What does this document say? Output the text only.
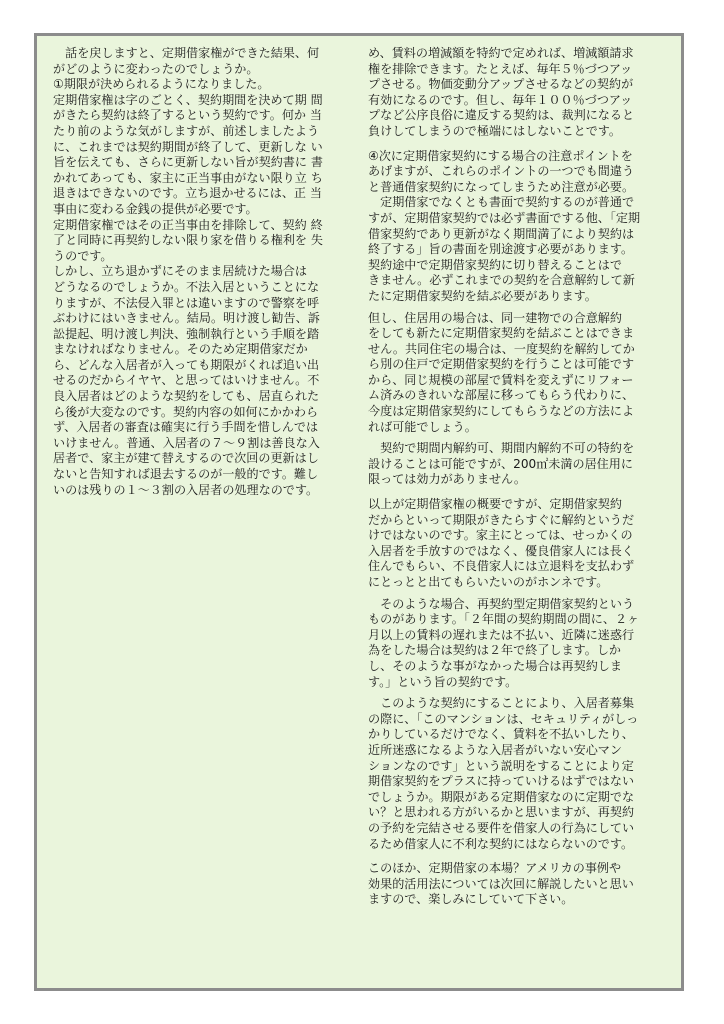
　話を戻しますと、定期借家権ができた結果、何
がどのように変わったのでしょうか。
①期限が決められるようになりました。
定期借家権は字のごとく、契約期間を決めて期 間
がきたら契約は終了するという契約です。何か 当
たり前のような気がしますが、前述しましたよう
に、これまでは契約期間が終了して、更新しな い
旨を伝えても、さらに更新しない旨が契約書に 書
かれてあっても、家主に正当事由がない限り立 ち
退きはできないのです。立ち退かせるには、正 当
事由に変わる金銭の提供が必要です。
定期借家権ではその正当事由を排除して、契約 終
了と同時に再契約しない限り家を借りる権利を 失
うのです。
しかし、立ち退かずにそのまま居続けた場合は
どうなるのでしょうか。不法入居ということにな
りますが、不法侵入罪とは違いますので警察を呼
ぶわけにはいきません。結局。明け渡し勧告、訴
訟提起、明け渡し判決、強制執行という手順を踏
まなければなりません。そのため定期借家だか
ら、どんな入居者が入っても期限がくれば追い出
せるのだからイヤヤ、と思ってはいけません。不
良入居者はどのような契約をしても、居直られた
ら後が大変なのです。契約内容の如何にかかわら
ず、入居者の審査は確実に行う手間を惜しんでは
いけません。普通、入居者の７～９割は善良な入
居者で、家主が建て替えするので次回の更新はし
ないと告知すれば退去するのが一般的です。難し
いのは残りの１～３割の入居者の処理なのです。
め、賃料の増減額を特約で定めれば、増減額請求
権を排除できます。たとえば、毎年５％づつアッ
プさせる。物価変動分アップさせるなどの契約が
有効になるのです。但し、毎年１００％づつアッ
プなど公序良俗に違反する契約は、裁判になると
負けしてしまうので極端にはしないことです。
④次に定期借家契約にする場合の注意ポイントを
あげますが、これらのポイントの一つでも間違う
と普通借家契約になってしまうため注意が必要。
　定期借家でなくとも書面で契約するのが普通で
すが、定期借家契約では必ず書面でする他、「定期
借家契約であり更新がなく期間満了により契約は
終了する」旨の書面を別途渡す必要があります。
契約途中で定期借家契約に切り替えることはで
きません。必ずこれまでの契約を合意解約して新
たに定期借家契約を結ぶ必要があります。
但し、住居用の場合は、同一建物での合意解約
をしても新たに定期借家契約を結ぶことはできま
せん。共同住宅の場合は、一度契約を解約してか
ら別の住戸で定期借家契約を行うことは可能です
から、同じ規模の部屋で賃料を変えずにリフォー
ム済みのきれいな部屋に移ってもらう代わりに、
今度は定期借家契約にしてもらうなどの方法によ
れば可能でしょう。
　契約で期間内解約可、期間内解約不可の特約を
設けることは可能ですが、200㎡未満の居住用に
限っては効力がありません。
以上が定期借家権の概要ですが、定期借家契約
だからといって期限がきたらすぐに解約というだ
けではないのです。家主にとっては、せっかくの
入居者を手放すのではなく、優良借家人には長く
住んでもらい、不良借家人には立退料を支払わず
にとっとと出てもらいたいのがホンネです。
　そのような場合、再契約型定期借家契約という
ものがあります。「２年間の契約期間の間に、２ヶ
月以上の賃料の遅れまたは不払い、近隣に迷惑行
為をした場合は契約は２年で終了します。しか
し、そのような事がなかった場合は再契約しま
す。」という旨の契約です。
　このような契約にすることにより、入居者募集
の際に、「このマンションは、セキュリティがしっ
かりしているだけでなく、賃料を不払いしたり、
近所迷惑になるような入居者がいない安心マン
ションなのです」という説明をすることにより定
期借家契約をプラスに持っていけるはずではない
でしょうか。期限がある定期借家なのに定期でな
い？と思われる方がいるかと思いますが、再契約
の予約を完結させる要件を借家人の行為にしてい
るため借家人に不利な契約にはならないのです。
このほか、定期借家の本場？アメリカの事例や
効果的活用法については次回に解説したいと思い
ますので、楽しみにしていて下さい。
